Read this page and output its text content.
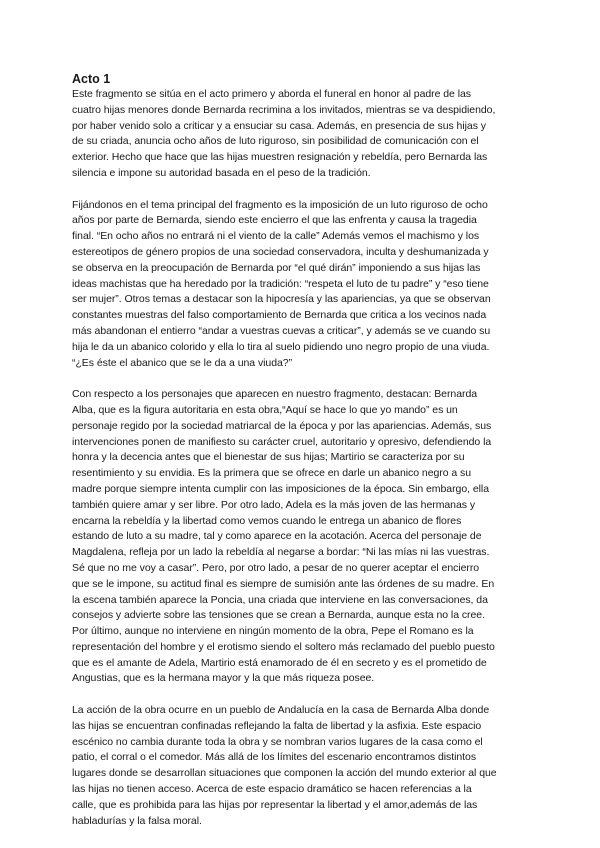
Acto 1
Este fragmento se sitúa en el acto primero y aborda el funeral en honor al padre de las
cuatro hijas menores donde Bernarda recrimina a los invitados, mientras se va despidiendo,
por haber venido solo a criticar y a ensuciar su casa. Además, en presencia de sus hijas y
de su criada, anuncia ocho años de luto riguroso, sin posibilidad de comunicación con el
exterior. Hecho que hace que las hijas muestren resignación y rebeldía, pero Bernarda las
silencia e impone su autoridad basada en el peso de la tradición.
Fijándonos en el tema principal del fragmento es la imposición de un luto riguroso de ocho
años por parte de Bernarda, siendo este encierro el que las enfrenta y causa la tragedia
final. “En ocho años no entrará ni el viento de la calle” Además vemos el machismo y los
estereotipos de género propios de una sociedad conservadora, inculta y deshumanizada y
se observa en la preocupación de Bernarda por “el qué dirán” imponiendo a sus hijas las
ideas machistas que ha heredado por la tradición: “respeta el luto de tu padre” y “eso tiene
ser mujer”. Otros temas a destacar son la hipocresía y las apariencias, ya que se observan
constantes muestras del falso comportamiento de Bernarda que critica a los vecinos nada
más abandonan el entierro “andar a vuestras cuevas a criticar”, y además se ve cuando su
hija le da un abanico colorido y ella lo tira al suelo pidiendo uno negro propio de una viuda.
“¿Es éste el abanico que se le da a una viuda?”
Con respecto a los personajes que aparecen en nuestro fragmento, destacan: Bernarda
Alba, que es la figura autoritaria en esta obra,“Aquí se hace lo que yo mando” es un
personaje regido por la sociedad matriarcal de la época y por las apariencias. Además, sus
intervenciones ponen de manifiesto su carácter cruel, autoritario y opresivo, defendiendo la
honra y la decencia antes que el bienestar de sus hijas; Martirio se caracteriza por su
resentimiento y su envidia. Es la primera que se ofrece en darle un abanico negro a su
madre porque siempre intenta cumplir con las imposiciones de la época. Sin embargo, ella
también quiere amar y ser libre. Por otro lado, Adela es la más joven de las hermanas y
encarna la rebeldía y la libertad como vemos cuando le entrega un abanico de flores
estando de luto a su madre, tal y como aparece en la acotación. Acerca del personaje de
Magdalena, refleja por un lado la rebeldía al negarse a bordar: “Ni las mías ni las vuestras.
Sé que no me voy a casar”. Pero, por otro lado, a pesar de no querer aceptar el encierro
que se le impone, su actitud final es siempre de sumisión ante las órdenes de su madre. En
la escena también aparece la Poncia, una criada que interviene en las conversaciones, da
consejos y advierte sobre las tensiones que se crean a Bernarda, aunque esta no la cree.
Por último, aunque no interviene en ningún momento de la obra, Pepe el Romano es la
representación del hombre y el erotismo siendo el soltero más reclamado del pueblo puesto
que es el amante de Adela, Martirio está enamorado de él en secreto y es el prometido de
Angustias, que es la hermana mayor y la que más riqueza posee.
La acción de la obra ocurre en un pueblo de Andalucía en la casa de Bernarda Alba donde
las hijas se encuentran confinadas reflejando la falta de libertad y la asfixia. Este espacio
escénico no cambia durante toda la obra y se nombran varios lugares de la casa como el
patio, el corral o el comedor. Más allá de los límites del escenario encontramos distintos
lugares donde se desarrollan situaciones que componen la acción del mundo exterior al que
las hijas no tienen acceso. Acerca de este espacio dramático se hacen referencias a la
calle, que es prohibida para las hijas por representar la libertad y el amor,además de las
habladurías y la falsa moral.
